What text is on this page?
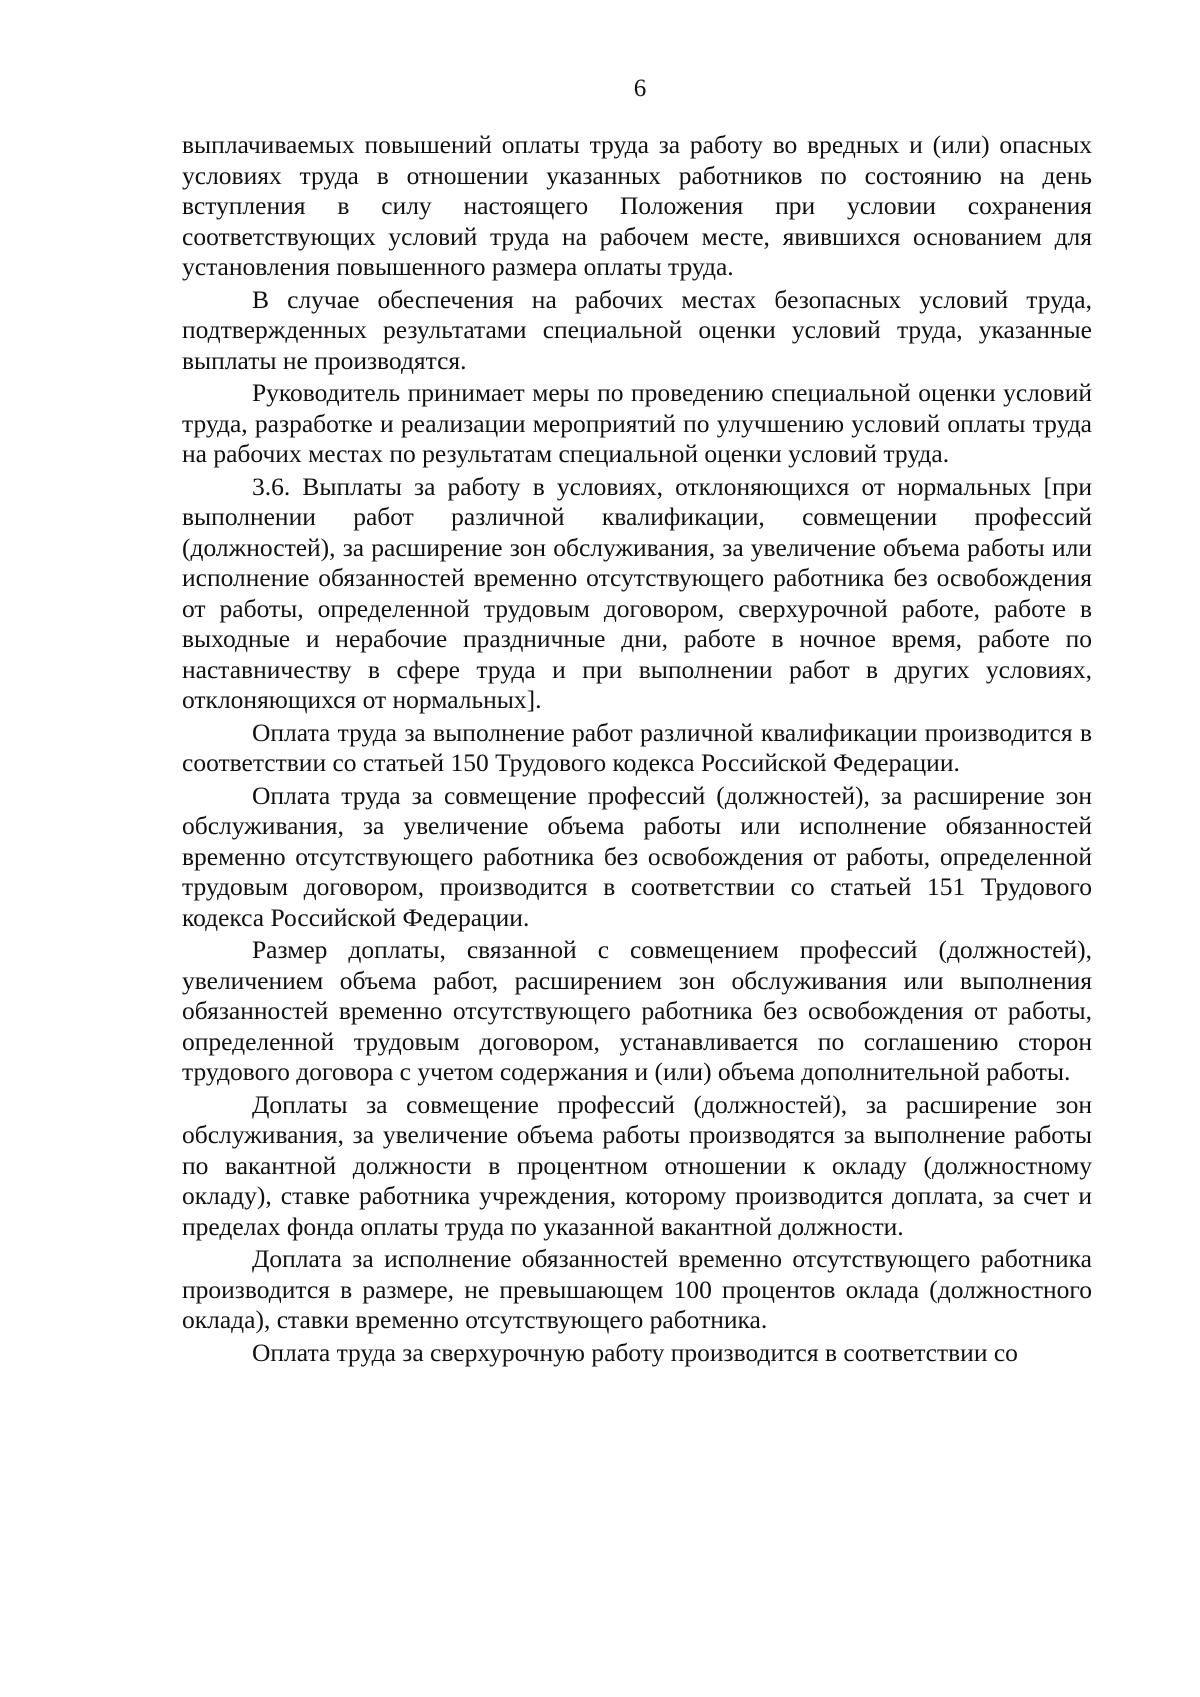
6

выплачиваемых повышений оплаты труда за работу во вредных и (или) опасных условиях труда в отношении указанных работников по состоянию на день вступления в силу настоящего Положения при условии сохранения соответствующих условий труда на рабочем месте, явившихся основанием для установления повышенного размера оплаты труда.

В случае обеспечения на рабочих местах безопасных условий труда, подтвержденных результатами специальной оценки условий труда, указанные выплаты не производятся.

Руководитель принимает меры по проведению специальной оценки условий труда, разработке и реализации мероприятий по улучшению условий оплаты труда на рабочих местах по результатам специальной оценки условий труда.

3.6. Выплаты за работу в условиях, отклоняющихся от нормальных [при выполнении работ различной квалификации, совмещении профессий (должностей), за расширение зон обслуживания, за увеличение объема работы или исполнение обязанностей временно отсутствующего работника без освобождения от работы, определенной трудовым договором, сверхурочной работе, работе в выходные и нерабочие праздничные дни, работе в ночное время, работе по наставничеству в сфере труда и при выполнении работ в других условиях, отклоняющихся от нормальных].

Оплата труда за выполнение работ различной квалификации производится в соответствии со статьей 150 Трудового кодекса Российской Федерации.

Оплата труда за совмещение профессий (должностей), за расширение зон обслуживания, за увеличение объема работы или исполнение обязанностей временно отсутствующего работника без освобождения от работы, определенной трудовым договором, производится в соответствии со статьей 151 Трудового кодекса Российской Федерации.

Размер доплаты, связанной с совмещением профессий (должностей), увеличением объема работ, расширением зон обслуживания или выполнения обязанностей временно отсутствующего работника без освобождения от работы, определенной трудовым договором, устанавливается по соглашению сторон трудового договора с учетом содержания и (или) объема дополнительной работы.

Доплаты за совмещение профессий (должностей), за расширение зон обслуживания, за увеличение объема работы производятся за выполнение работы по вакантной должности в процентном отношении к окладу (должностному окладу), ставке работника учреждения, которому производится доплата, за счет и пределах фонда оплаты труда по указанной вакантной должности.

Доплата за исполнение обязанностей временно отсутствующего работника производится в размере, не превышающем 100 процентов оклада (должностного оклада), ставки временно отсутствующего работника.

Оплата труда за сверхурочную работу производится в соответствии со
